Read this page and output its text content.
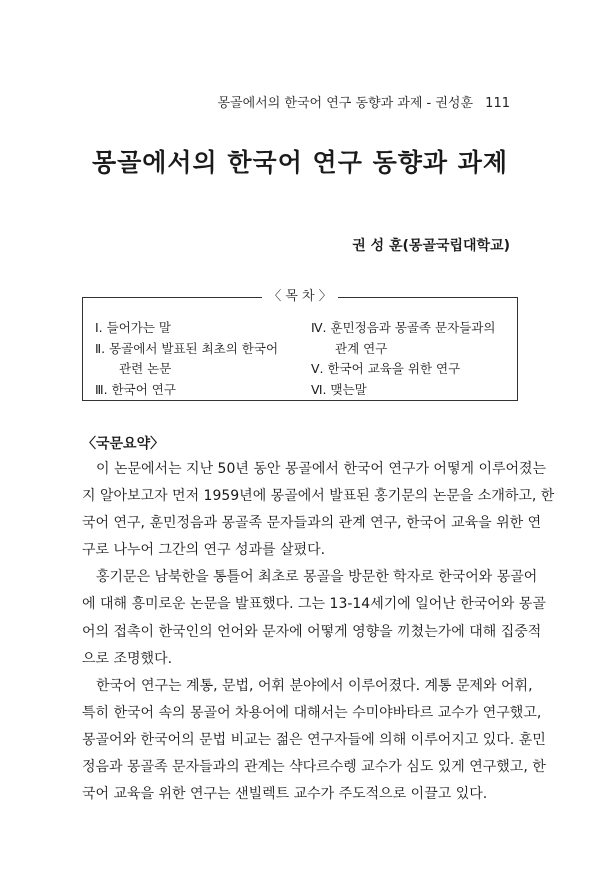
몽골에서의 한국어 연구 동향과 과제 - 권성훈 111
몽골에서의 한국어 연구 동향과 과제
권 성 훈(몽골국립대학교)
〈 목 차 〉
Ⅰ. 들어가는 말
Ⅱ. 몽골에서 발표된 최초의 한국어
관련 논문
Ⅲ. 한국어 연구
Ⅳ. 훈민정음과 몽골족 문자들과의
관계 연구
Ⅴ. 한국어 교육을 위한 연구
Ⅵ. 맺는말
〈국문요약〉

이 논문에서는 지난 50년 동안 몽골에서 한국어 연구가 어떻게 이루어졌는
지 알아보고자 먼저 1959년에 몽골에서 발표된 홍기문의 논문을 소개하고, 한
국어 연구, 훈민정음과 몽골족 문자들과의 관계 연구, 한국어 교육을 위한 연
구로 나누어 그간의 연구 성과를 살폈다.

홍기문은 남북한을 통틀어 최초로 몽골을 방문한 학자로 한국어와 몽골어
에 대해 흥미로운 논문을 발표했다. 그는 13-14세기에 일어난 한국어와 몽골
어의 접촉이 한국인의 언어와 문자에 어떻게 영향을 끼쳤는가에 대해 집중적
으로 조명했다.

한국어 연구는 계통, 문법, 어휘 분야에서 이루어졌다. 계통 문제와 어휘,
특히 한국어 속의 몽골어 차용어에 대해서는 수미야바타르 교수가 연구했고,
몽골어와 한국어의 문법 비교는 젊은 연구자들에 의해 이루어지고 있다. 훈민
정음과 몽골족 문자들과의 관계는 샥다르수렝 교수가 심도 있게 연구했고, 한
국어 교육을 위한 연구는 샌빌렉트 교수가 주도적으로 이끌고 있다.
